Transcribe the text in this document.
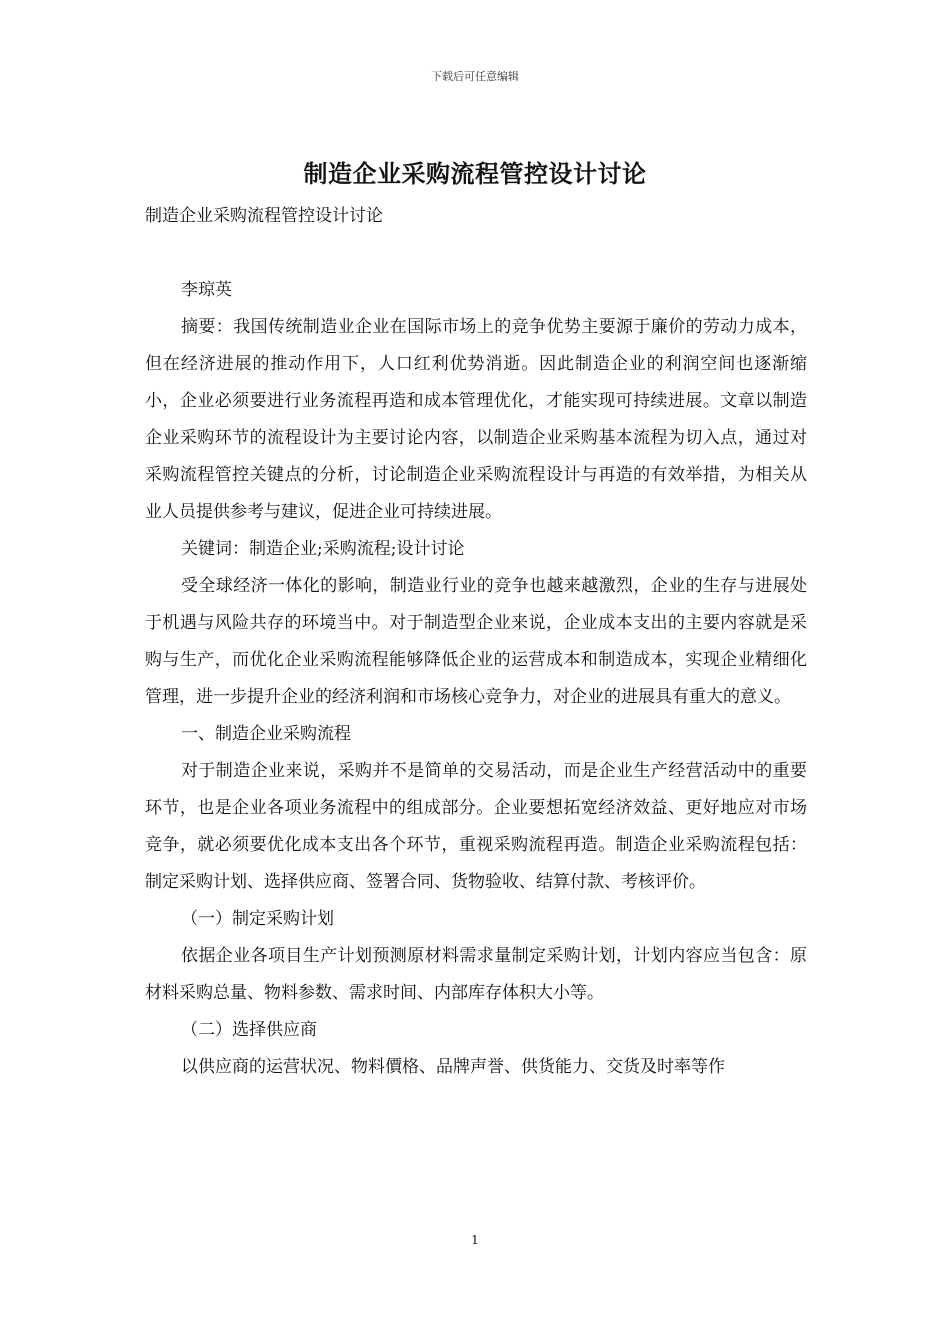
下载后可任意编辑
制造企业采购流程管控设计讨论

制造企业采购流程管控设计讨论

李琼英

摘要：我国传统制造业企业在国际市场上的竞争优势主要源于廉价的劳动力成本，但在经济进展的推动作用下，人口红利优势消逝。因此制造企业的利润空间也逐渐缩小，企业必须要进行业务流程再造和成本管理优化，才能实现可持续进展。文章以制造企业采购环节的流程设计为主要讨论内容，以制造企业采购基本流程为切入点，通过对采购流程管控关键点的分析，讨论制造企业采购流程设计与再造的有效举措，为相关从业人员提供参考与建议，促进企业可持续进展。

关键词：制造企业;采购流程;设计讨论

受全球经济一体化的影响，制造业行业的竞争也越来越激烈，企业的生存与进展处于机遇与风险共存的环境当中。对于制造型企业来说，企业成本支出的主要内容就是采购与生产，而优化企业采购流程能够降低企业的运营成本和制造成本，实现企业精细化管理，进一步提升企业的经济利润和市场核心竞争力，对企业的进展具有重大的意义。

一、制造企业采购流程

对于制造企业来说，采购并不是简单的交易活动，而是企业生产经营活动中的重要环节，也是企业各项业务流程中的组成部分。企业要想拓宽经济效益、更好地应对市场竞争，就必须要优化成本支出各个环节，重视采购流程再造。制造企业采购流程包括：制定采购计划、选择供应商、签署合同、货物验收、结算付款、考核评价。

（一）制定采购计划

依据企业各项目生产计划预测原材料需求量制定采购计划，计划内容应当包含：原材料采购总量、物料参数、需求时间、内部库存体积大小等。

（二）选择供应商

以供应商的运营状况、物料價格、品牌声誉、供货能力、交货及时率等作

1
